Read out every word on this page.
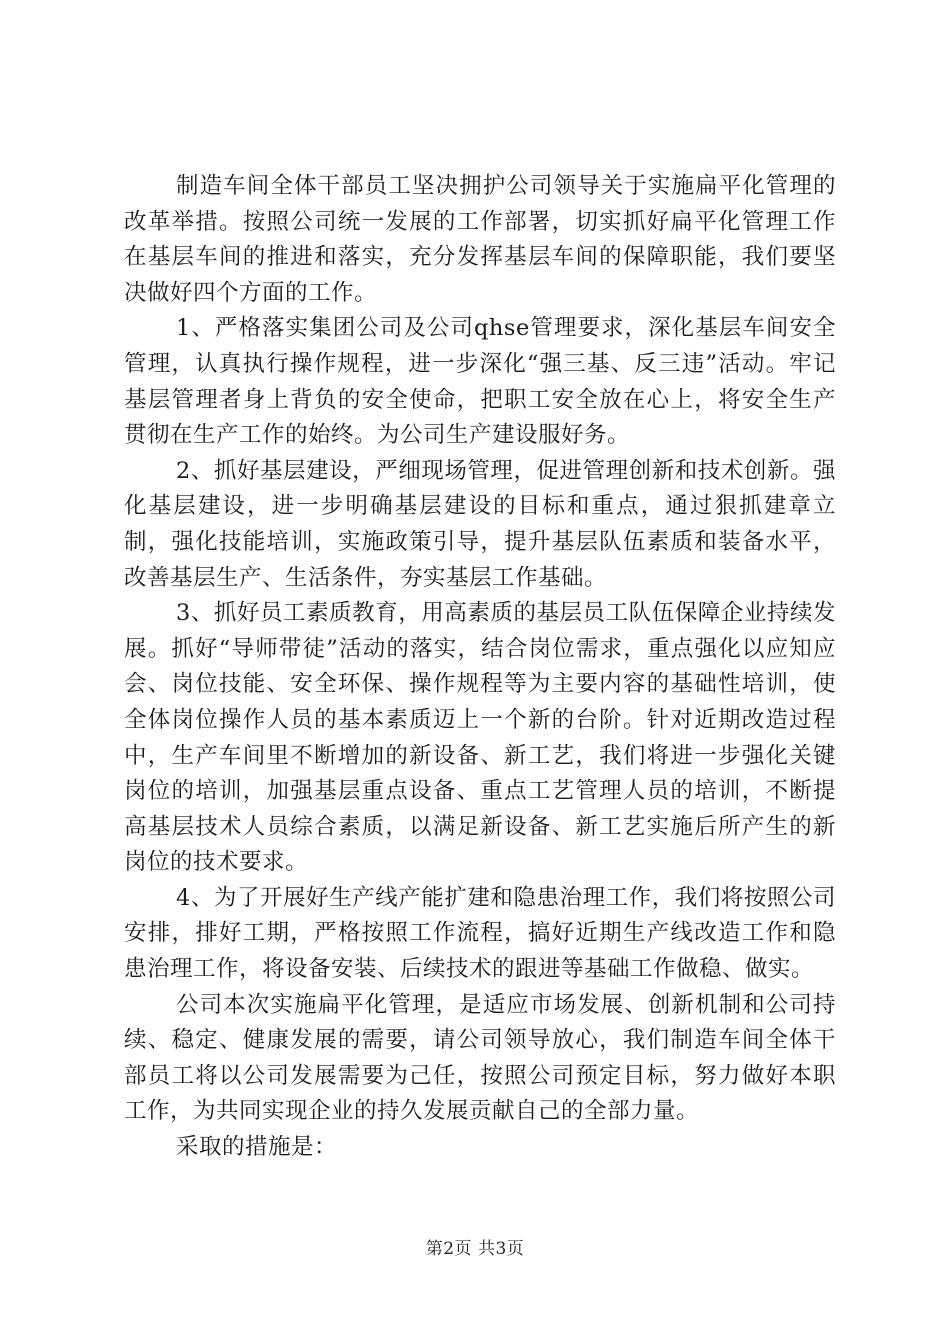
制造车间全体干部员工坚决拥护公司领导关于实施扁平化管理的改革举措。按照公司统一发展的工作部署，切实抓好扁平化管理工作在基层车间的推进和落实，充分发挥基层车间的保障职能，我们要坚决做好四个方面的工作。

1、严格落实集团公司及公司qhse管理要求，深化基层车间安全管理，认真执行操作规程，进一步深化“强三基、反三违”活动。牢记基层管理者身上背负的安全使命，把职工安全放在心上，将安全生产贯彻在生产工作的始终。为公司生产建设服好务。

2、抓好基层建设，严细现场管理，促进管理创新和技术创新。强化基层建设，进一步明确基层建设的目标和重点，通过狠抓建章立制，强化技能培训，实施政策引导，提升基层队伍素质和装备水平，改善基层生产、生活条件，夯实基层工作基础。

3、抓好员工素质教育，用高素质的基层员工队伍保障企业持续发展。抓好“导师带徒”活动的落实，结合岗位需求，重点强化以应知应会、岗位技能、安全环保、操作规程等为主要内容的基础性培训，使全体岗位操作人员的基本素质迈上一个新的台阶。针对近期改造过程中，生产车间里不断增加的新设备、新工艺，我们将进一步强化关键岗位的培训，加强基层重点设备、重点工艺管理人员的培训，不断提高基层技术人员综合素质，以满足新设备、新工艺实施后所产生的新岗位的技术要求。

4、为了开展好生产线产能扩建和隐患治理工作，我们将按照公司安排，排好工期，严格按照工作流程，搞好近期生产线改造工作和隐患治理工作，将设备安装、后续技术的跟进等基础工作做稳、做实。

公司本次实施扁平化管理，是适应市场发展、创新机制和公司持续、稳定、健康发展的需要，请公司领导放心，我们制造车间全体干部员工将以公司发展需要为己任，按照公司预定目标，努力做好本职工作，为共同实现企业的持久发展贡献自己的全部力量。

采取的措施是：

第2页 共3页
